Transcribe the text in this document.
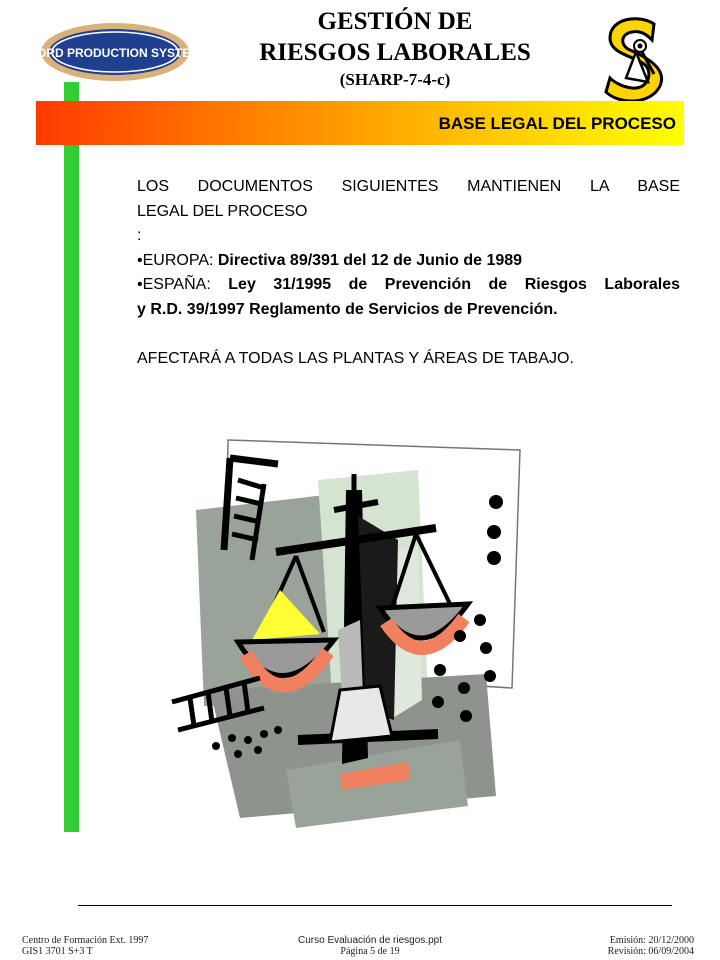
FORD PRODUCTION SYSTEM
GESTIÓN DE
RIESGOS LABORALES
(SHARP-7-4-c)
BASE LEGAL DEL PROCESO

LOS DOCUMENTOS SIGUIENTES MANTIENEN LA BASE

LEGAL DEL PROCESO

:

•EUROPA: Directiva 89/391 del 12 de Junio de 1989

•ESPAÑA: Ley 31/1995 de Prevención de Riesgos Laborales

y R.D. 39/1997 Reglamento de Servicios de Prevención.

AFECTARÁ A TODAS LAS PLANTAS Y ÁREAS DE TABAJO.

Centro de Formación Ext. 1997
GIS1 3701 S+3 T
Curso Evaluación de riesgos.ppt
Página 5 de 19
Emisión: 20/12/2000
Revisión: 06/09/2004
